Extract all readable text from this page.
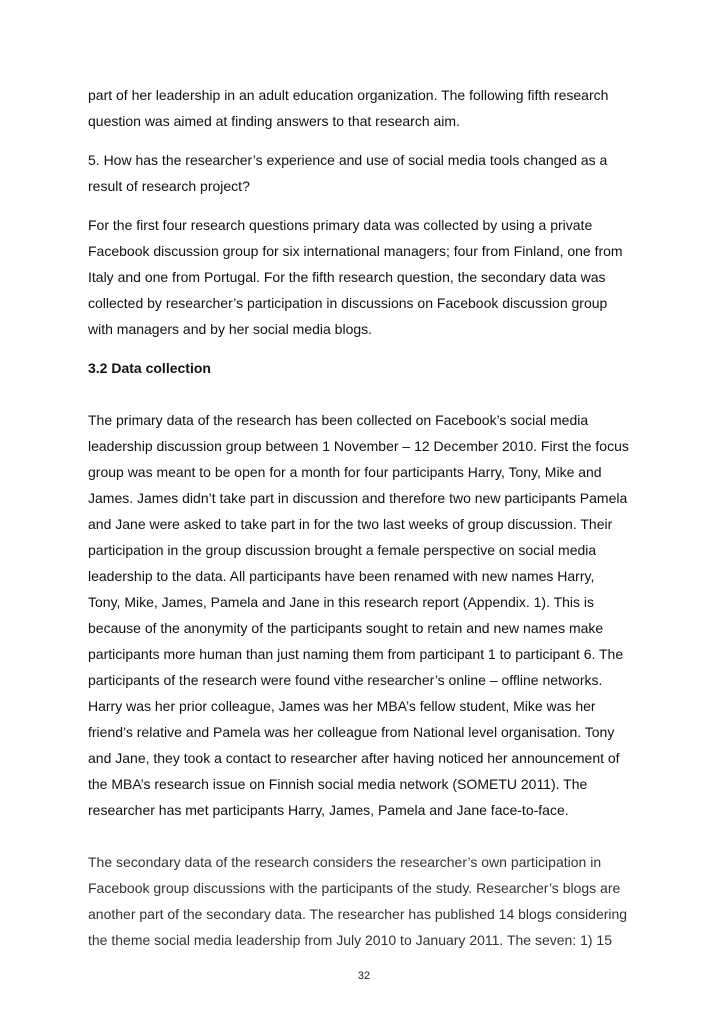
part of her leadership in an adult education organization. The following fifth research
question was aimed at finding answers to that research aim.

5. How has the researcher’s experience and use of social media tools changed as a
result of research project?

For the first four research questions primary data was collected by using a private
Facebook discussion group for six international managers; four from Finland, one from
Italy and one from Portugal. For the fifth research question, the secondary data was
collected by researcher’s participation in discussions on Facebook discussion group
with managers and by her social media blogs.

3.2 Data collection

The primary data of the research has been collected on Facebook’s social media
leadership discussion group between 1 November – 12 December 2010. First the focus
group was meant to be open for a month for four participants Harry, Tony, Mike and
James. James didn’t take part in discussion and therefore two new participants Pamela
and Jane were asked to take part in for the two last weeks of group discussion. Their
participation in the group discussion brought a female perspective on social media
leadership to the data. All participants have been renamed with new names Harry,
Tony, Mike, James, Pamela and Jane in this research report (Appendix. 1). This is
because of the anonymity of the participants sought to retain and new names make
participants more human than just naming them from participant 1 to participant 6. The
participants of the research were found vithe researcher’s online – offline networks.
Harry was her prior colleague, James was her MBA’s fellow student, Mike was her
friend’s relative and Pamela was her colleague from National level organisation. Tony
and Jane, they took a contact to researcher after having noticed her announcement of
the MBA’s research issue on Finnish social media network (SOMETU 2011). The
researcher has met participants Harry, James, Pamela and Jane face-to-face.

The secondary data of the research considers the researcher’s own participation in
Facebook group discussions with the participants of the study. Researcher’s blogs are
another part of the secondary data. The researcher has published 14 blogs considering
the theme social media leadership from July 2010 to January 2011. The seven: 1) 15

32
